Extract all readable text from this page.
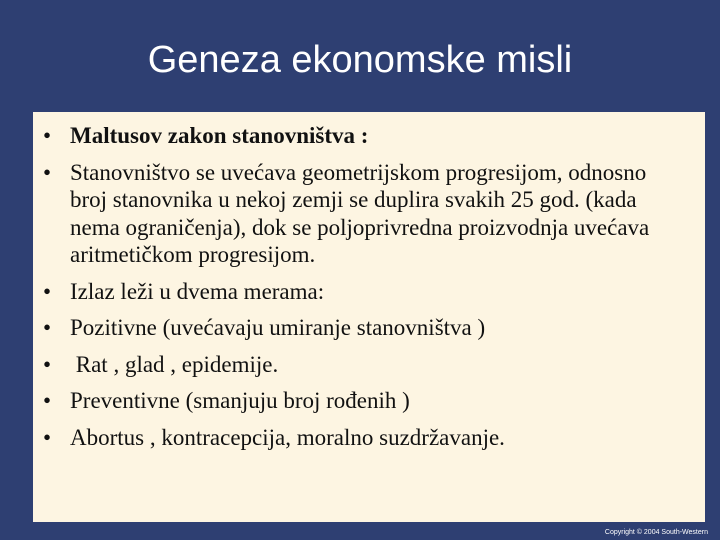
Geneza ekonomske misli
• Maltusov zakon stanovništva :
• Stanovništvo se uvećava geometrijskom progresijom, odnosno broj stanovnika u nekoj zemji se duplira svakih 25 god. (kada nema ograničenja), dok se poljoprivredna proizvodnja uvećava aritmetičkom progresijom.
• Izlaz leži u dvema merama:
• Pozitivne (uvećavaju umiranje stanovništva )
• Rat , glad , epidemije.
• Preventivne (smanjuju broj rođenih )
• Abortus , kontracepcija, moralno suzdržavanje.
Copyright © 2004 South-Western
